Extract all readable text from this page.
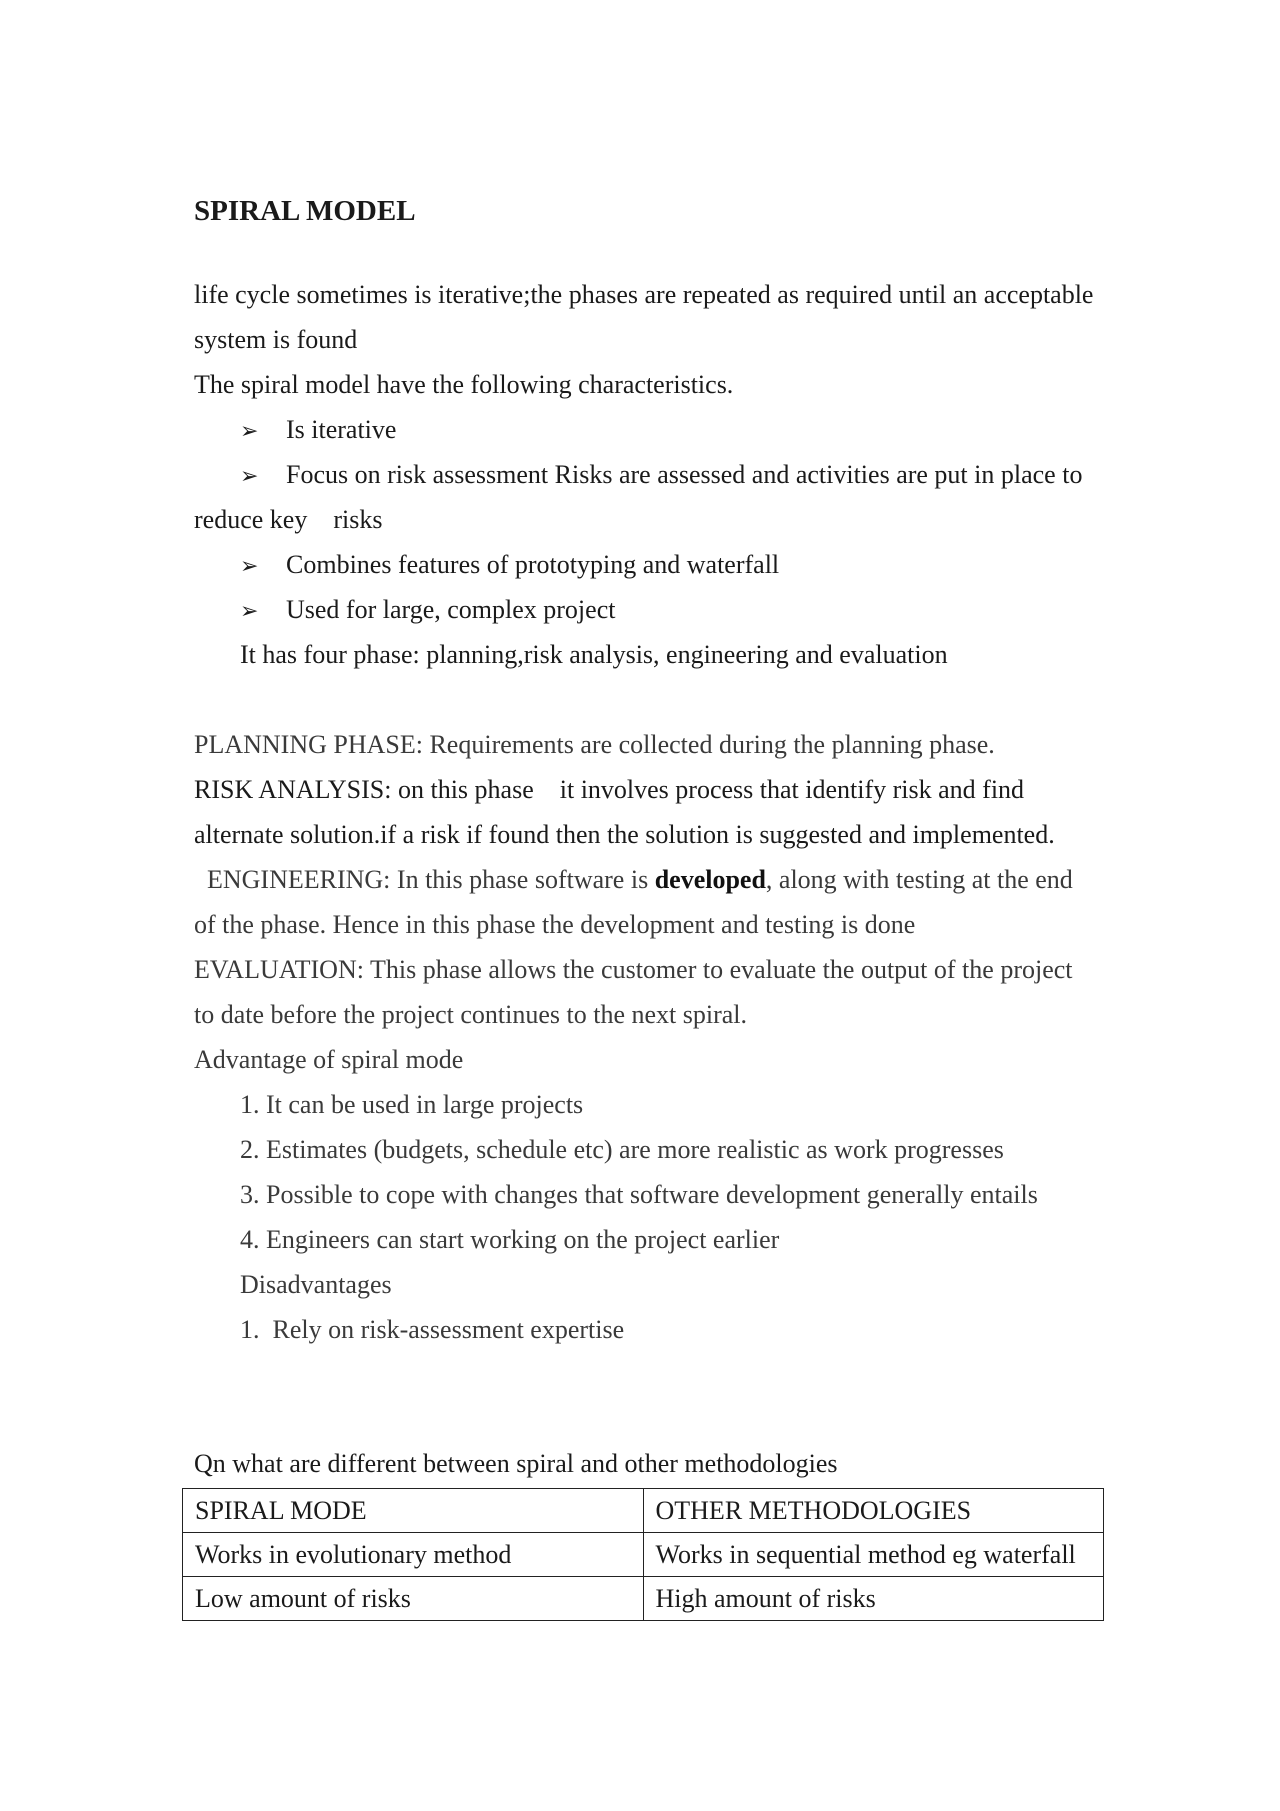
SPIRAL MODEL
life cycle sometimes is iterative;the phases are repeated as required until an acceptable
system is found
The spiral model have the following characteristics.
➢ Is iterative
➢ Focus on risk assessment Risks are assessed and activities are put in place to
reduce key    risks
➢ Combines features of prototyping and waterfall
➢ Used for large, complex project
It has four phase: planning,risk analysis, engineering and evaluation
PLANNING PHASE: Requirements are collected during the planning phase.
RISK ANALYSIS: on this phase    it involves process that identify risk and find
alternate solution.if a risk if found then the solution is suggested and implemented.
ENGINEERING: In this phase software is developed, along with testing at the end
of the phase. Hence in this phase the development and testing is done
EVALUATION: This phase allows the customer to evaluate the output of the project
to date before the project continues to the next spiral.
Advantage of spiral mode
1. It can be used in large projects
2. Estimates (budgets, schedule etc) are more realistic as work progresses
3. Possible to cope with changes that software development generally entails
4. Engineers can start working on the project earlier
Disadvantages
1.  Rely on risk-assessment expertise
Qn what are different between spiral and other methodologies
SPIRAL MODE	OTHER METHODOLOGIES
Works in evolutionary method	Works in sequential method eg waterfall
Low amount of risks	High amount of risks
